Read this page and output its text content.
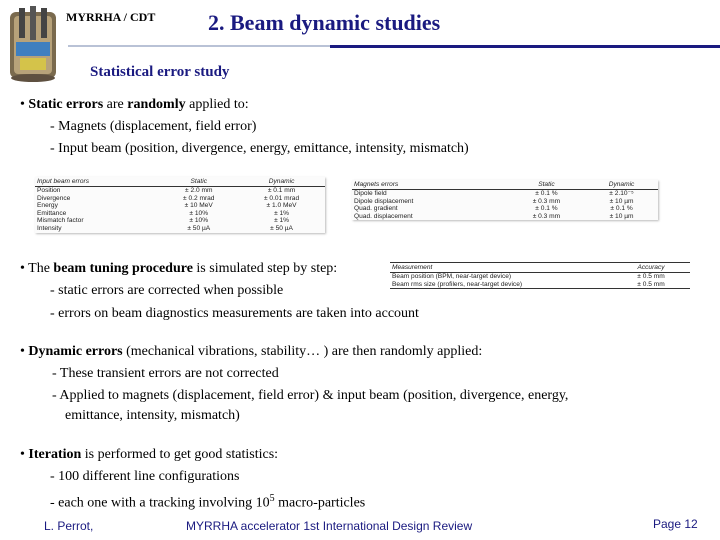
MYRRHA / CDT 2. Beam dynamic studies
Statistical error study
• Static errors are randomly applied to:
- Magnets (displacement, field error)
- Input beam (position, divergence, energy, emittance, intensity, mismatch)
Input beam errors	Static	Dynamic
Position	± 2.0 mm	± 0.1 mm
Divergence	± 0.2 mrad	± 0.01 mrad
Energy	± 10 MeV	± 1.0 MeV
Emittance	± 10%	± 1%
Mismatch factor	± 10%	± 1%
Intensity	± 50 µA	± 50 µA
Magnets errors	Static	Dynamic
Dipole field	± 0.1 %	± 2.10⁻⁵
Dipole displacement	± 0.3 mm	± 10 µm
Quad. gradient	± 0.1 %	± 0.1 %
Quad. displacement	± 0.3 mm	± 10 µm
• The beam tuning procedure is simulated step by step:
- static errors are corrected when possible
- errors on beam diagnostics measurements are taken into account
Measurement	Accuracy
Beam position (BPM, near-target device)	± 0.5 mm
Beam rms size (profilers, near-target device)	± 0.5 mm
• Dynamic errors (mechanical vibrations, stability… ) are then randomly applied:
- These transient errors are not corrected
- Applied to magnets (displacement, field error) & input beam (position, divergence, energy,
emittance, intensity, mismatch)
• Iteration is performed to get good statistics:
- 100 different line configurations
- each one with a tracking involving $10^5$ macro-particles
L. Perrot,	MYRRHA accelerator 1st International Design Review	Page 12
